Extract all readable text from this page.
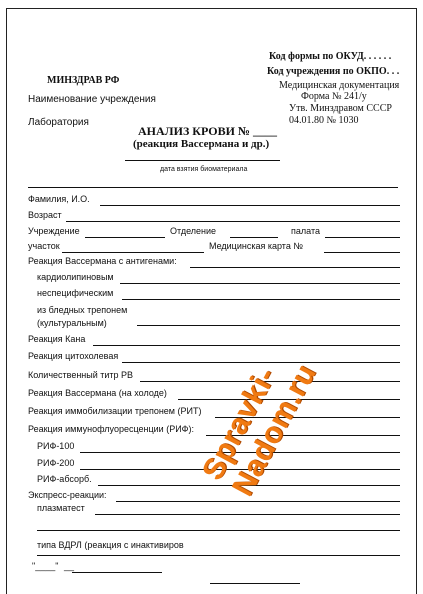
Код формы по ОКУД. . . . . .
Код учреждения по ОКПО. . .
Медицинская документация
Форма № 241/у
Утв. Минздравом СССР
04.01.80 № 1030
МИНЗДРАВ РФ
Наименование учреждения
Лаборатория
АНАЛИЗ КРОВИ № ____
(реакция Вассермана и др.)
дата взятия биоматериала
Фамилия, И.О.
Возраст
Учреждение	Отделение	палата
участок	Медицинская карта №
Реакция Вассермана с антигенами:
кардиолипиновым
неспецифическим
из бледных трепонем
(культуральным)
Реакция Кана
Реакция цитохолевая
Количественный титр РВ
Реакция Вассермана (на холоде)
Реакция иммобилизации трепонем (РИТ)
Реакция иммунофлуоресценции (РИФ):
РИФ-100
РИФ-200
РИФ-абсорб.
Экспресс-реакции:
плазматест
типа ВДРЛ (реакция с инактивиров
"____" __
Spravki-Nadom.ru
